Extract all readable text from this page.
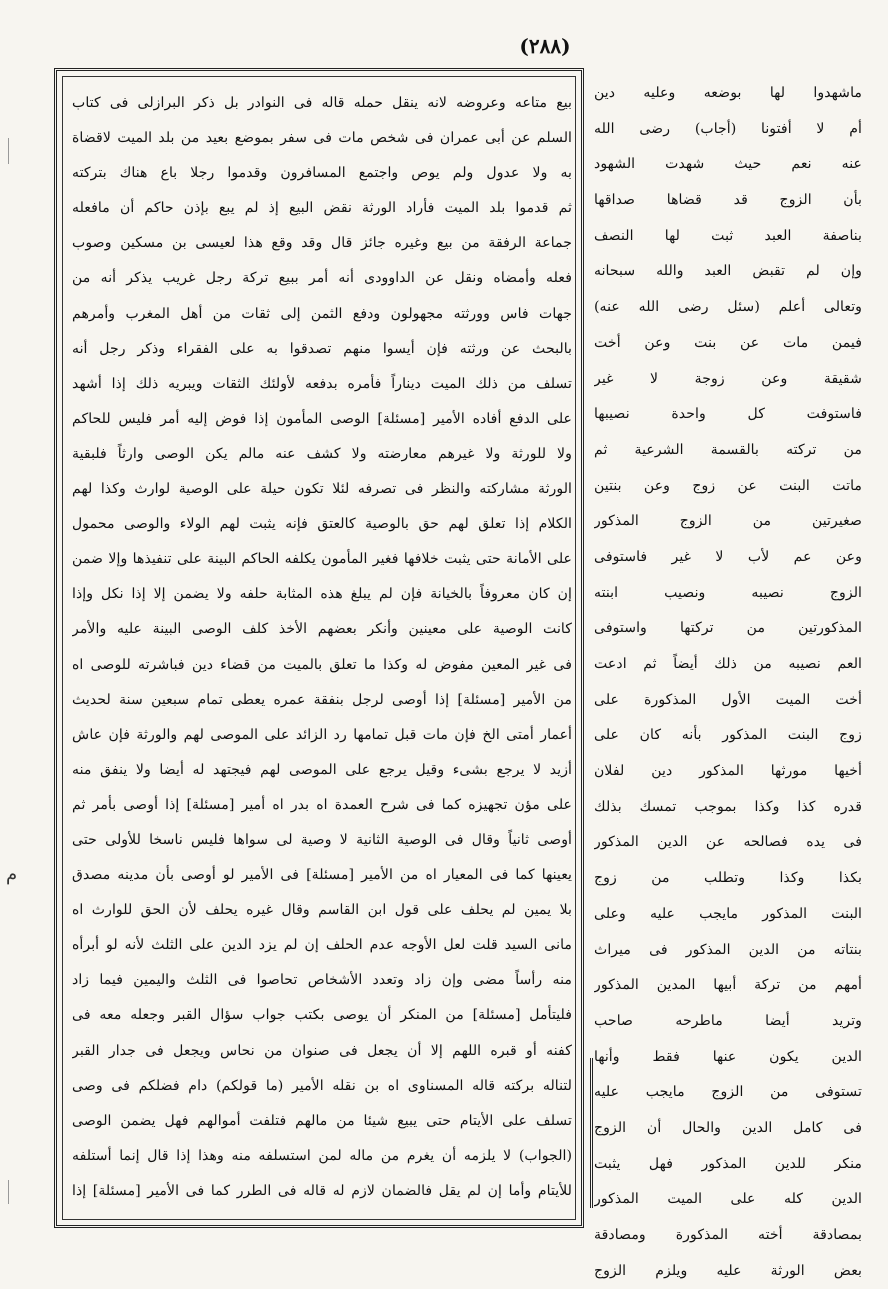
(٢٨٨)
بيع متاعه وعروضه لانه ينقل حمله قاله فى النوادر بل ذكر البرازلى فى كتاب
السلم عن أبى عمران فى شخص مات فى سفر بموضع بعيد من بلد الميت لاقضاة
به ولا عدول ولم يوص واجتمع المسافرون وقدموا رجلا باع هناك بتركته
ثم قدموا بلد الميت فأراد الورثة نقض البيع إذ لم يبع بإذن حاكم أن مافعله
جماعة الرفقة من بيع وغيره جائز قال وقد وقع هذا لعيسى بن مسكين وصوب
فعله وأمضاه ونقل عن الداوودى أنه أمر ببيع تركة رجل غريب يذكر أنه من
جهات فاس وورثته مجهولون ودفع الثمن إلى ثقات من أهل المغرب وأمرهم
بالبحث عن ورثته فإن أيسوا منهم تصدقوا به على الفقراء وذكر رجل أنه
تسلف من ذلك الميت ديناراً فأمره بدفعه لأولئك الثقات ويبريه ذلك إذا أشهد
على الدفع أفاده الأمير [مسئلة] الوصى المأمون إذا فوض إليه أمر فليس للحاكم
ولا للورثة ولا غيرهم معارضته ولا كشف عنه مالم يكن الوصى وارثاً فلبقية
الورثة مشاركته والنظر فى تصرفه لئلا تكون حيلة على الوصية لوارث وكذا لهم
الكلام إذا تعلق لهم حق بالوصية كالعتق فإنه يثبت لهم الولاء والوصى محمول
على الأمانة حتى يثبت خلافها فغير المأمون يكلفه الحاكم البينة على تنفيذها وإلا ضمن
إن كان معروفاً بالخيانة فإن لم يبلغ هذه المثابة حلفه ولا يضمن إلا إذا نكل وإذا
كانت الوصية على معينين وأنكر بعضهم الأخذ كلف الوصى البينة عليه والأمر
فى غير المعين مفوض له وكذا ما تعلق بالميت من قضاء دين فباشرته للوصى اه
من الأمير [مسئلة] إذا أوصى لرجل بنفقة عمره يعطى تمام سبعين سنة لحديث
أعمار أمتى الخ فإن مات قبل تمامها رد الزائد على الموصى لهم والورثة فإن عاش
أزيد لا يرجع بشىء وقيل يرجع على الموصى لهم فيجتهد له أيضا ولا ينفق منه
على مؤن تجهيزه كما فى شرح العمدة اه بدر اه أمير [مسئلة] إذا أوصى بأمر ثم
أوصى ثانياً وقال فى الوصية الثانية لا وصية لى سواها فليس ناسخا للأولى حتى
يعينها كما فى المعيار اه من الأمير [مسئلة] فى الأمير لو أوصى بأن مدينه مصدق
بلا يمين لم يحلف على قول ابن القاسم وقال غيره يحلف لأن الحق للوارث اه
مانى السيد قلت لعل الأوجه عدم الحلف إن لم يزد الدين على الثلث لأنه لو أبرأه
منه رأساً مضى وإن زاد وتعدد الأشخاص تحاصوا فى الثلث واليمين فيما زاد
فليتأمل [مسئلة] من المنكر أن يوصى بكتب جواب سؤال القبر وجعله معه فى
كفنه أو قبره اللهم إلا أن يجعل فى صنوان من نحاس ويجعل فى جدار القبر
لتناله بركته قاله المسناوى اه بن نقله الأمير (ما قولكم) دام فضلكم فى وصى
تسلف على الأيتام حتى يبيع شيئا من مالهم فتلفت أموالهم فهل يضمن الوصى
(الجواب) لا يلزمه أن يغرم من ماله لمن استسلفه منه وهذا إذا قال إنما أستلفه
للأيتام وأما إن لم يقل فالضمان لازم له قاله فى الطرر كما فى الأمير [مسئلة] إذا
ماشهدوا لها بوضعه وعليه دين
أم لا أفتونا (أجاب) رضى الله
عنه نعم حيث شهدت الشهود
بأن الزوج قد قضاها صداقها
بناصفة العبد ثبت لها النصف
وإن لم تقبض العبد والله سبحانه
وتعالى أعلم (سئل رضى الله عنه)
فيمن مات عن بنت وعن أخت
شقيقة وعن زوجة لا غير
فاستوفت كل واحدة نصيبها
من تركته بالقسمة الشرعية ثم
ماتت البنت عن زوج وعن بنتين
صغيرتين من الزوج المذكور
وعن عم لأب لا غير فاستوفى
الزوج نصيبه ونصيب ابنته
المذكورتين من تركتها واستوفى
العم نصيبه من ذلك أيضاً ثم ادعت
أخت الميت الأول المذكورة على
زوج البنت المذكور بأنه كان على
أخيها مورثها المذكور دين لفلان
قدره كذا وكذا بموجب تمسك بذلك
فى يده فصالحه عن الدين المذكور
بكذا وكذا وتطلب من زوج
البنت المذكور مايجب عليه وعلى
بنتاته من الدين المذكور فى ميراث
أمهم من تركة أبيها المدين المذكور
وتريد أيضا ماطرحه صاحب
الدين يكون عنها فقط وأنها
تستوفى من الزوج مايجب عليه
فى كامل الدين والحال أن الزوج
منكر للدين المذكور فهل يثبت
الدين كله على الميت المذكور
بمصادقة أخته المذكورة ومصادقة
بعض الورثة عليه ويلزم الزوج
م
